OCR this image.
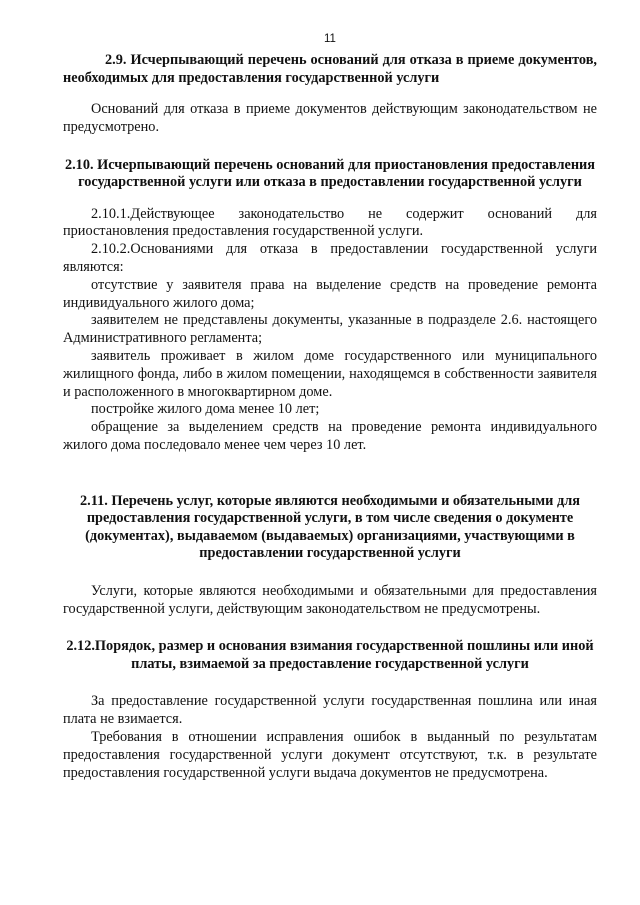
11
2.9. Исчерпывающий перечень оснований для отказа в приеме документов, необходимых для предоставления государственной услуги

Оснований для отказа в приеме документов действующим законодательством не предусмотрено.

2.10. Исчерпывающий перечень оснований для приостановления предоставления государственной услуги или отказа в предоставлении государственной услуги

2.10.1.Действующее законодательство не содержит оснований для приостановления предоставления государственной услуги.

2.10.2.Основаниями для отказа в предоставлении государственной услуги являются:

отсутствие у заявителя права на выделение средств на проведение ремонта индивидуального жилого дома;

заявителем не представлены документы, указанные в подразделе 2.6. настоящего Административного регламента;

заявитель проживает в жилом доме государственного или муниципального жилищного фонда, либо в жилом помещении, находящемся в собственности заявителя и расположенного в многоквартирном доме.

постройке жилого дома менее 10 лет;

обращение за выделением средств на проведение ремонта индивидуального жилого дома последовало менее чем через 10 лет.

2.11. Перечень услуг, которые являются необходимыми и обязательными для предоставления государственной услуги, в том числе сведения о документе (документах), выдаваемом (выдаваемых) организациями, участвующими в предоставлении государственной услуги

Услуги, которые являются необходимыми и обязательными для предоставления государственной услуги, действующим законодательством не предусмотрены.

2.12.Порядок, размер и основания взимания государственной пошлины или иной платы, взимаемой за предоставление государственной услуги

За предоставление государственной услуги государственная пошлина или иная плата не взимается.

Требования в отношении исправления ошибок в выданный по результатам предоставления государственной услуги документ отсутствуют, т.к. в результате предоставления государственной услуги выдача документов не предусмотрена.
